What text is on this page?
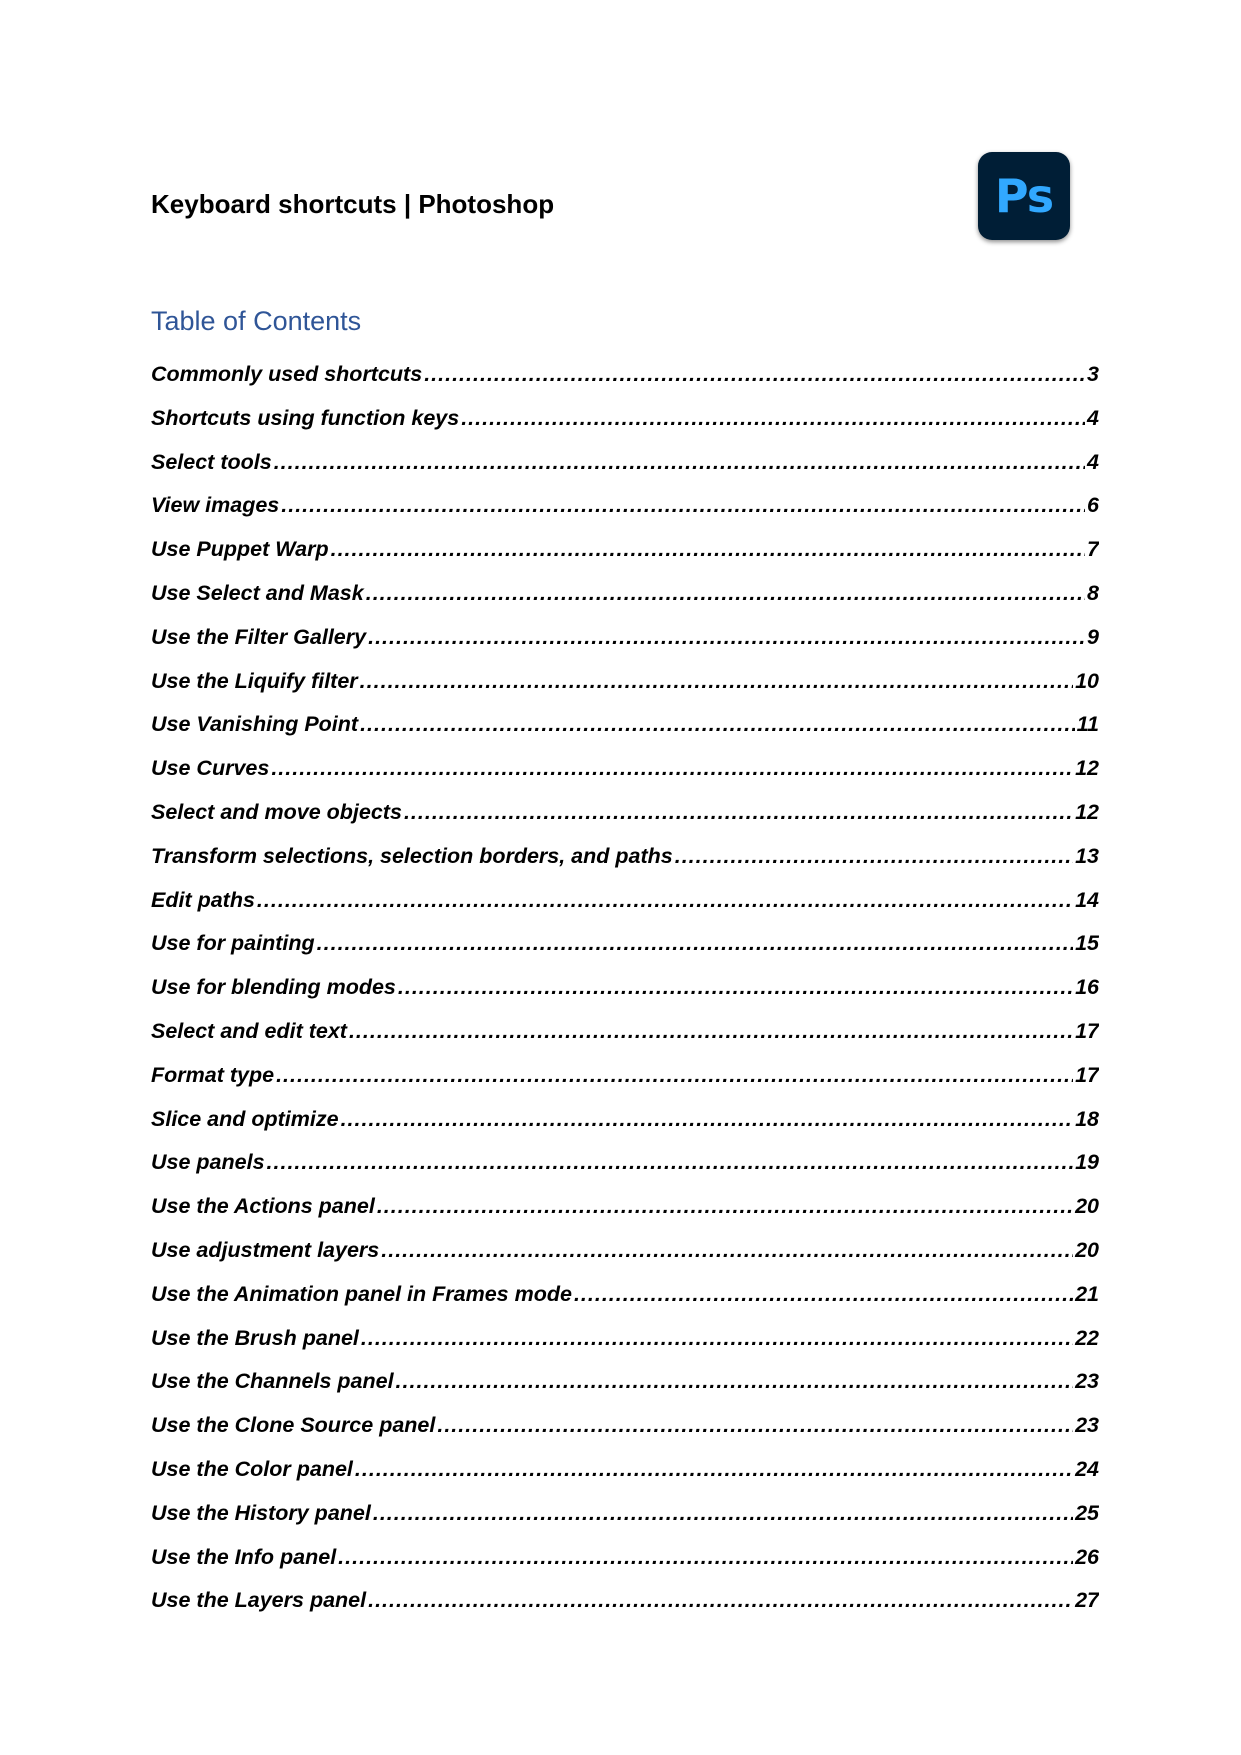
Keyboard shortcuts | Photoshop	Ps
Table of Contents
Commonly used shortcuts .....	3
Shortcuts using function keys .....	4
Select tools .....	4
View images .....	6
Use Puppet Warp .....	7
Use Select and Mask .....	8
Use the Filter Gallery .....	9
Use the Liquify filter .....	10
Use Vanishing Point .....	11
Use Curves .....	12
Select and move objects .....	12
Transform selections, selection borders, and paths .....	13
Edit paths .....	14
Use for painting .....	15
Use for blending modes .....	16
Select and edit text .....	17
Format type .....	17
Slice and optimize .....	18
Use panels .....	19
Use the Actions panel .....	20
Use adjustment layers .....	20
Use the Animation panel in Frames mode .....	21
Use the Brush panel .....	22
Use the Channels panel .....	23
Use the Clone Source panel .....	23
Use the Color panel .....	24
Use the History panel .....	25
Use the Info panel .....	26
Use the Layers panel .....	27
